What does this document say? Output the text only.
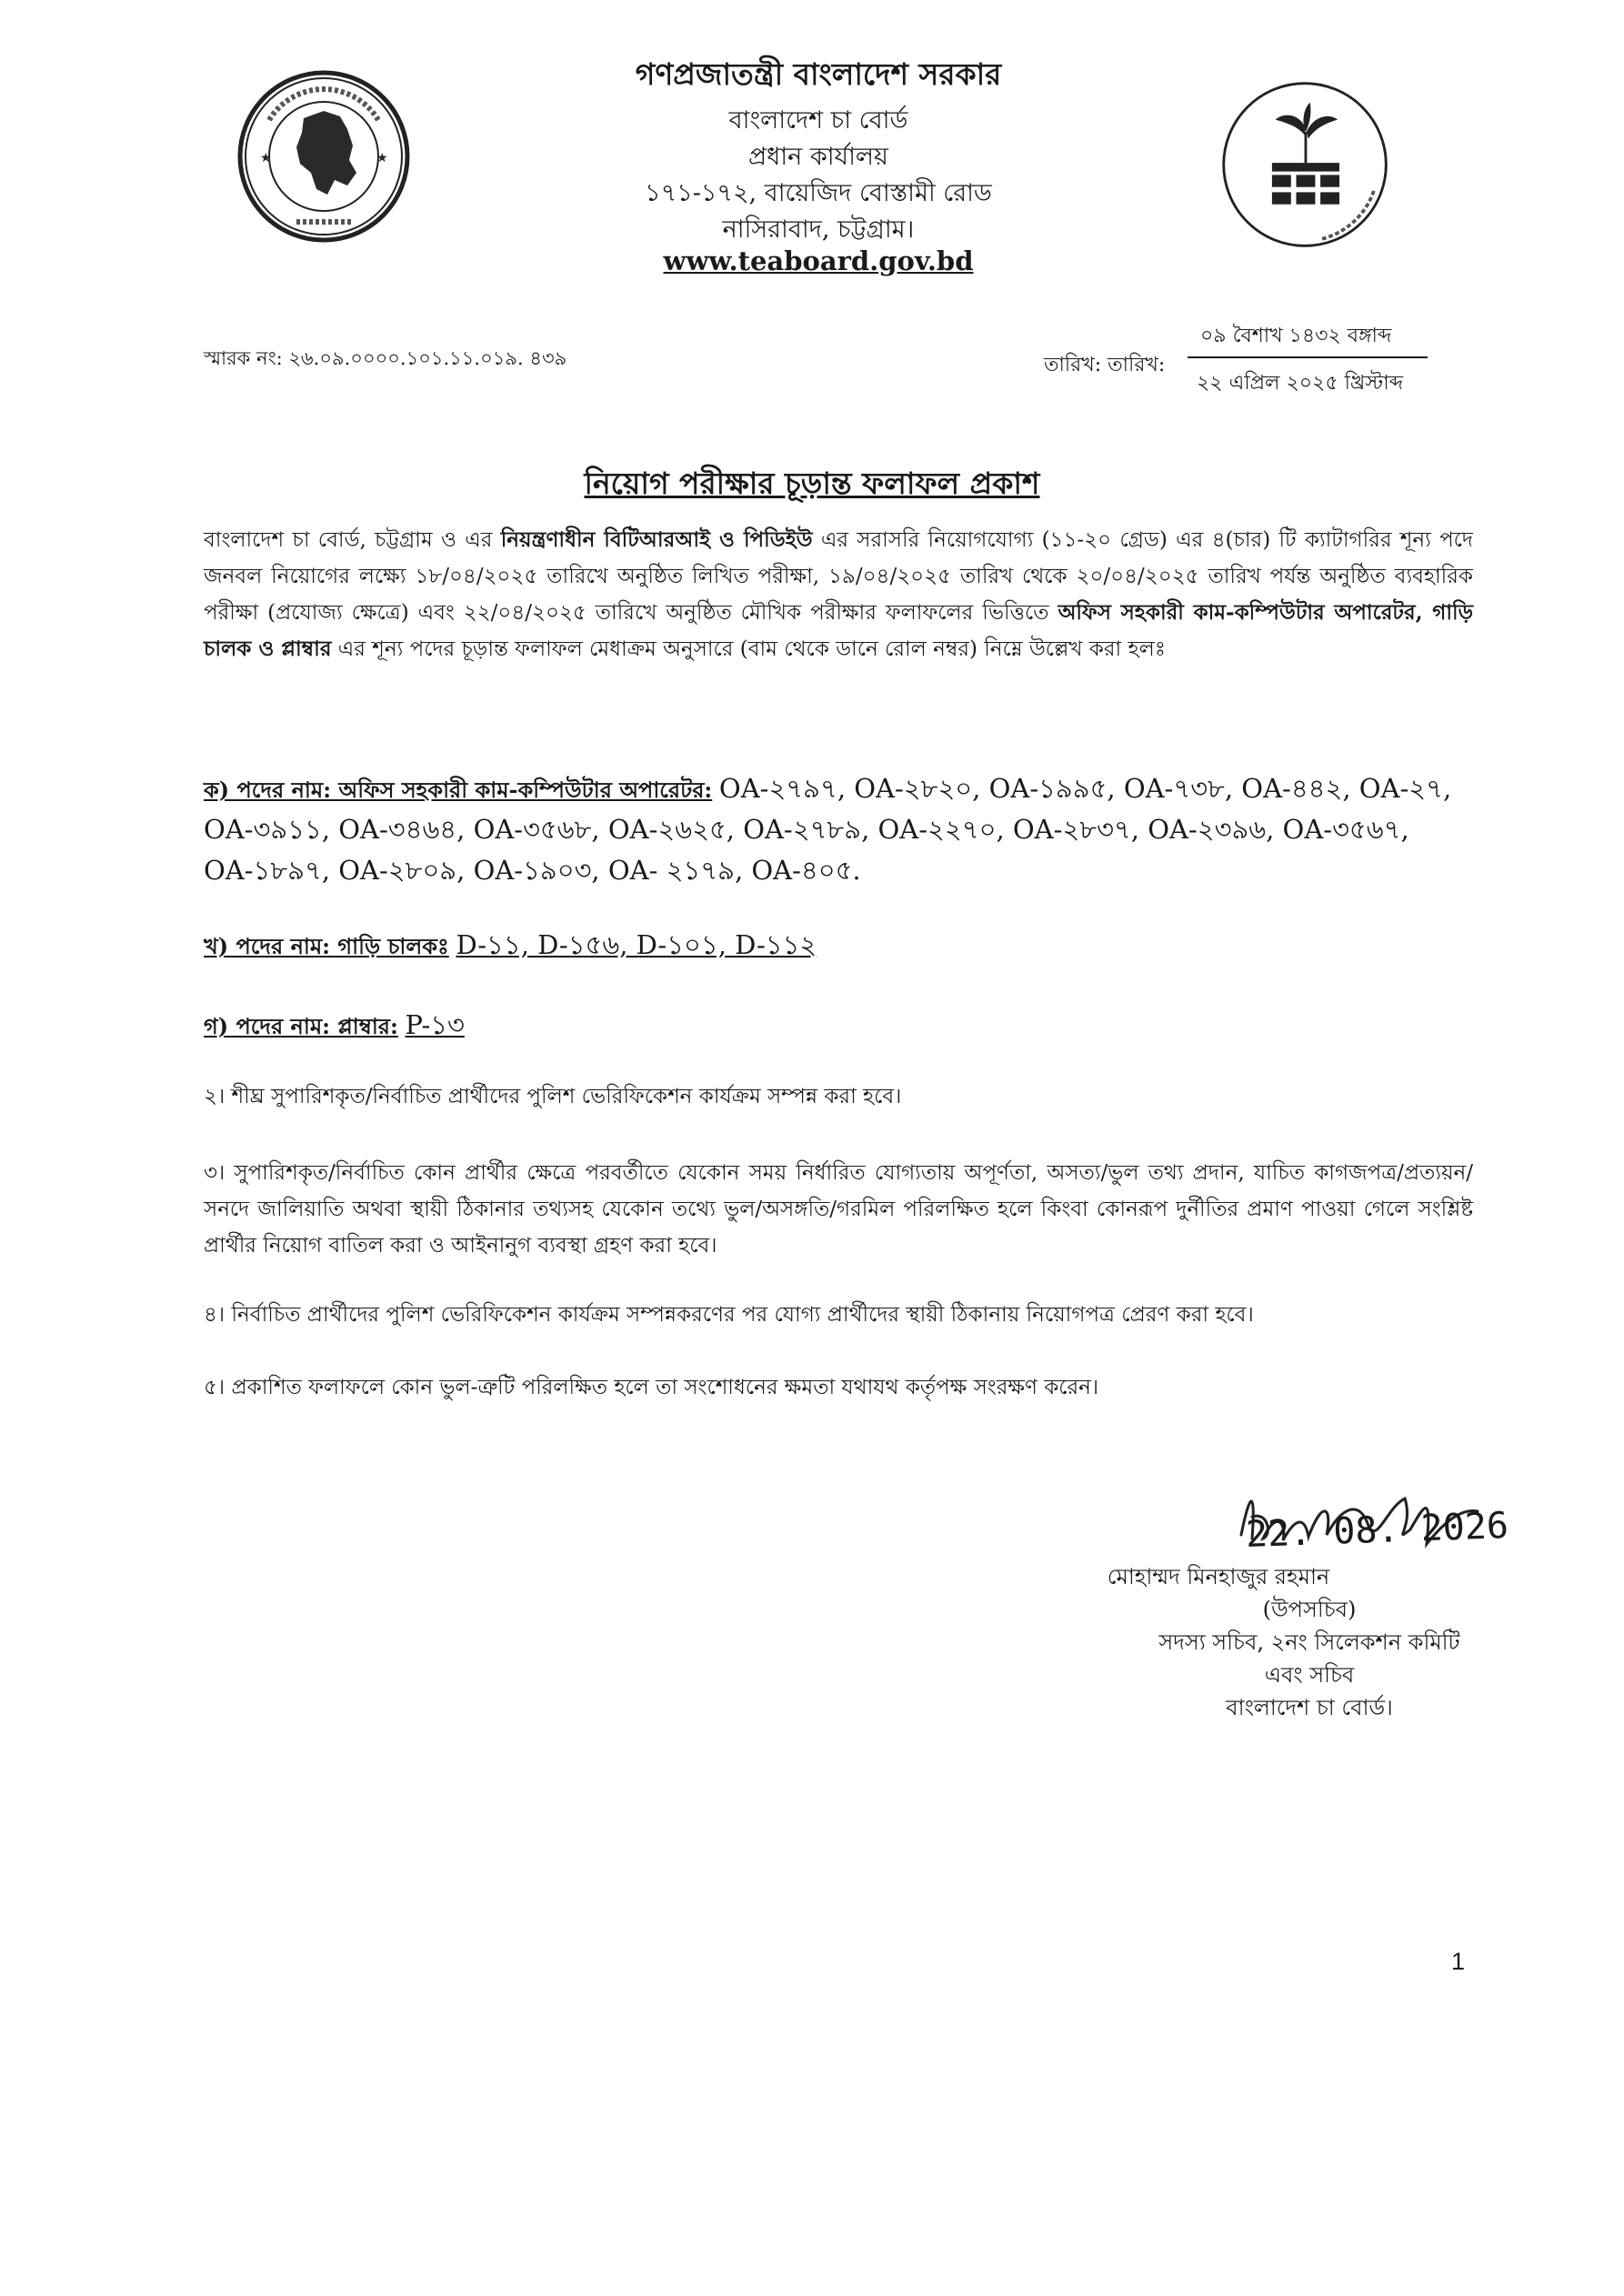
★	★
গণপ্রজাতন্ত্রী বাংলাদেশ সরকার
বাংলাদেশ চা বোর্ড
প্রধান কার্যালয়
১৭১-১৭২, বায়েজিদ বোস্তামী রোড
নাসিরাবাদ, চট্টগ্রাম।
www.teaboard.gov.bd
স্মারক নং: ২৬.০৯.০০০০.১০১.১১.০১৯. ৪৩৯	তারিখ: তারিখ:
০৯ বৈশাখ ১৪৩২ বঙ্গাব্দ
২২ এপ্রিল ২০২৫ খ্রিস্টাব্দ
নিয়োগ পরীক্ষার চূড়ান্ত ফলাফল প্রকাশ
বাংলাদেশ চা বোর্ড, চট্টগ্রাম ও এর নিয়ন্ত্রণাধীন বিটিআরআই ও পিডিইউ এর সরাসরি নিয়োগযোগ্য (১১-২০ গ্রেড) এর ৪(চার) টি ক্যাটাগরির শূন্য পদে জনবল নিয়োগের লক্ষ্যে ১৮/০৪/২০২৫ তারিখে অনুষ্ঠিত লিখিত পরীক্ষা, ১৯/০৪/২০২৫ তারিখ থেকে ২০/০৪/২০২৫ তারিখ পর্যন্ত অনুষ্ঠিত ব্যবহারিক পরীক্ষা (প্রযোজ্য ক্ষেত্রে) এবং ২২/০৪/২০২৫ তারিখে অনুষ্ঠিত মৌখিক পরীক্ষার ফলাফলের ভিত্তিতে অফিস সহকারী কাম-কম্পিউটার অপারেটর, গাড়ি চালক ও প্লাম্বার এর শূন্য পদের চূড়ান্ত ফলাফল মেধাক্রম অনুসারে (বাম থেকে ডানে রোল নম্বর) নিম্নে উল্লেখ করা হলঃ
ক) পদের নাম: অফিস সহকারী কাম-কম্পিউটার অপারেটর: OA-২৭৯৭, OA-২৮২০, OA-১৯৯৫, OA-৭৩৮, OA-৪৪২, OA-২৭, OA-৩৯১১, OA-৩৪৬৪, OA-৩৫৬৮, OA-২৬২৫, OA-২৭৮৯, OA-২২৭০, OA-২৮৩৭, OA-২৩৯৬, OA-৩৫৬৭, OA-১৮৯৭, OA-২৮০৯, OA-১৯০৩, OA- ২১৭৯, OA-৪০৫.
খ) পদের নাম: গাড়ি চালকঃ D-১১, D-১৫৬, D-১০১, D-১১২
গ) পদের নাম: প্লাম্বার: P-১৩
২। শীঘ্র সুপারিশকৃত/নির্বাচিত প্রার্থীদের পুলিশ ভেরিফিকেশন কার্যক্রম সম্পন্ন করা হবে।
৩। সুপারিশকৃত/নির্বাচিত কোন প্রার্থীর ক্ষেত্রে পরবর্তীতে যেকোন সময় নির্ধারিত যোগ্যতায় অপূর্ণতা, অসত্য/ভুল তথ্য প্রদান, যাচিত কাগজপত্র/প্রত্যয়ন/সনদে জালিয়াতি অথবা স্থায়ী ঠিকানার তথ্যসহ যেকোন তথ্যে ভুল/অসঙ্গতি/গরমিল পরিলক্ষিত হলে কিংবা কোনরূপ দুর্নীতির প্রমাণ পাওয়া গেলে সংশ্লিষ্ট প্রার্থীর নিয়োগ বাতিল করা ও আইনানুগ ব্যবস্থা গ্রহণ করা হবে।
৪। নির্বাচিত প্রার্থীদের পুলিশ ভেরিফিকেশন কার্যক্রম সম্পন্নকরণের পর যোগ্য প্রার্থীদের স্থায়ী ঠিকানায় নিয়োগপত্র প্রেরণ করা হবে।
৫। প্রকাশিত ফলাফলে কোন ভুল-ত্রুটি পরিলক্ষিত হলে তা সংশোধনের ক্ষমতা যথাযথ কর্তৃপক্ষ সংরক্ষণ করেন।
22. 08. 2026
মোহাম্মদ মিনহাজুর রহমান
(উপসচিব)
সদস্য সচিব, ২নং সিলেকশন কমিটি
এবং সচিব
বাংলাদেশ চা বোর্ড।
1
